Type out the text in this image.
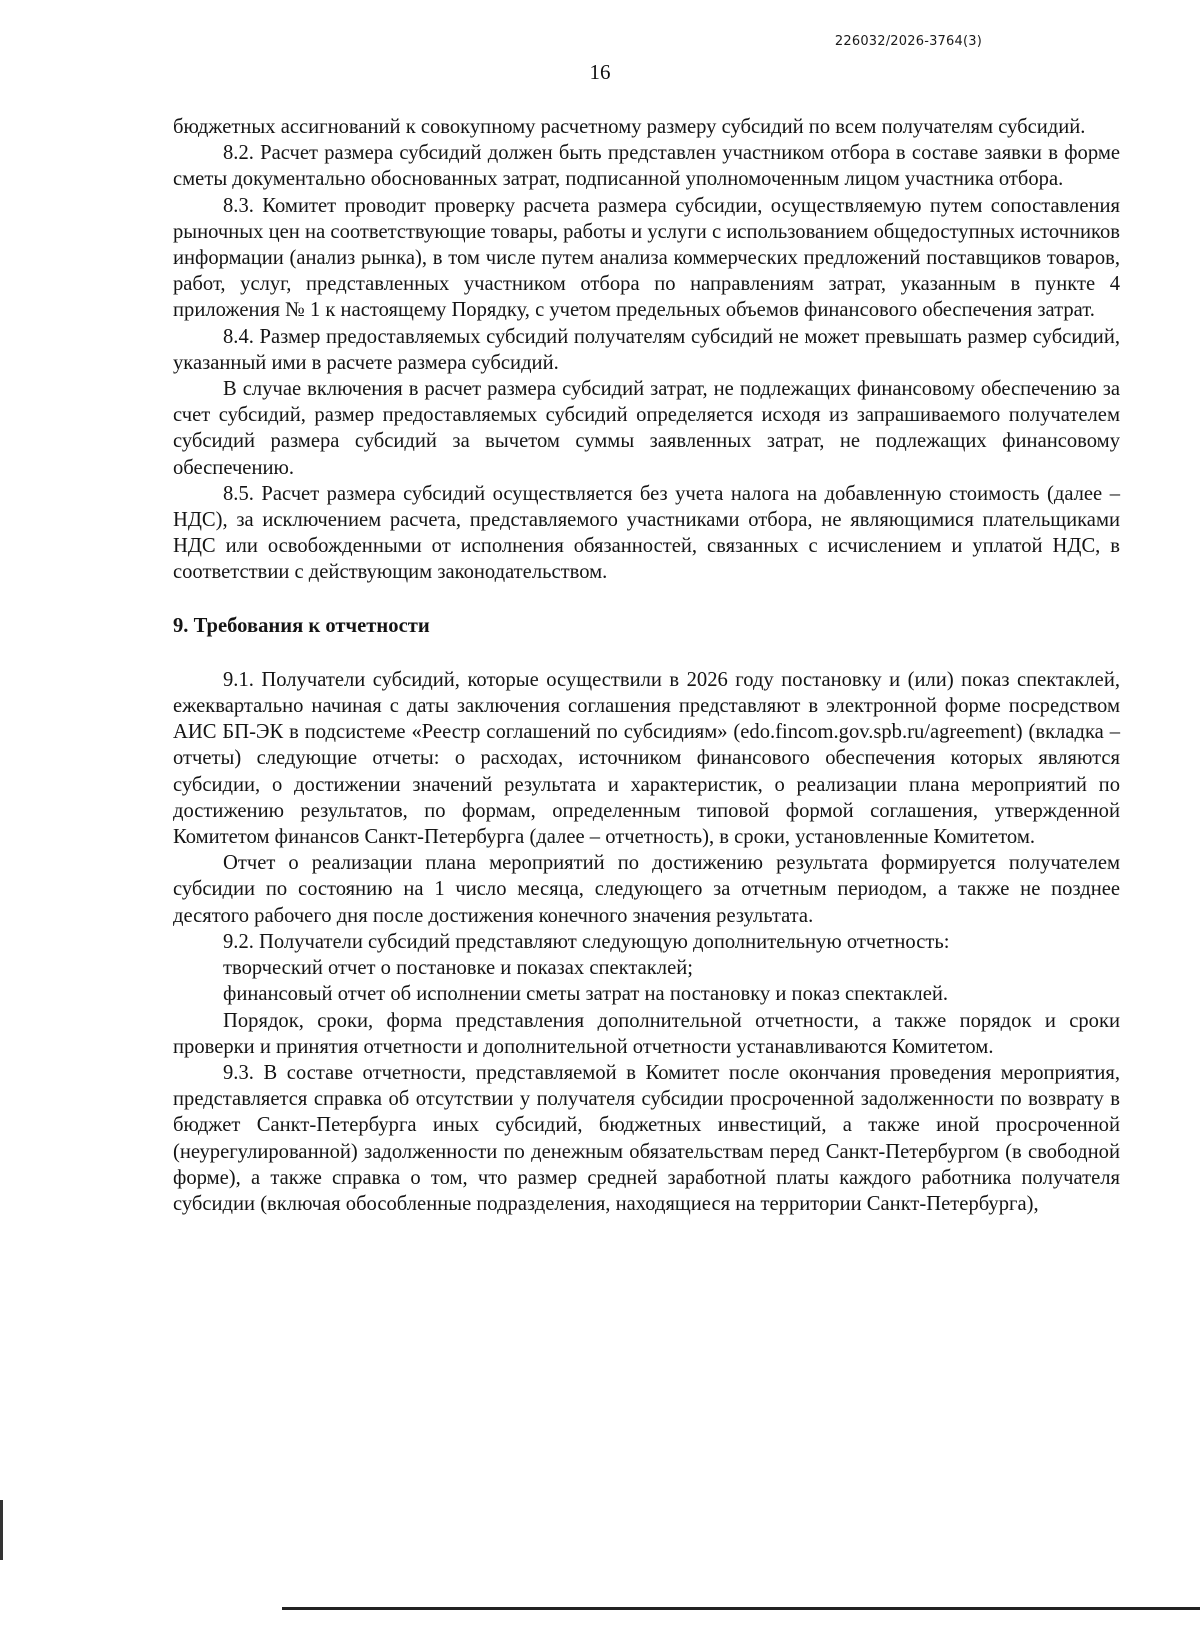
226032/2026-3764(3)
16

бюджетных ассигнований к совокупному расчетному размеру субсидий по всем получателям субсидий.

8.2. Расчет размера субсидий должен быть представлен участником отбора в составе заявки в форме сметы документально обоснованных затрат, подписанной уполномоченным лицом участника отбора.

8.3. Комитет проводит проверку расчета размера субсидии, осуществляемую путем сопоставления рыночных цен на соответствующие товары, работы и услуги с использованием общедоступных источников информации (анализ рынка), в том числе путем анализа коммерческих предложений поставщиков товаров, работ, услуг, представленных участником отбора по направлениям затрат, указанным в пункте 4 приложения № 1 к настоящему Порядку, с учетом предельных объемов финансового обеспечения затрат.

8.4. Размер предоставляемых субсидий получателям субсидий не может превышать размер субсидий, указанный ими в расчете размера субсидий.

В случае включения в расчет размера субсидий затрат, не подлежащих финансовому обеспечению за счет субсидий, размер предоставляемых субсидий определяется исходя из запрашиваемого получателем субсидий размера субсидий за вычетом суммы заявленных затрат, не подлежащих финансовому обеспечению.

8.5. Расчет размера субсидий осуществляется без учета налога на добавленную стоимость (далее – НДС), за исключением расчета, представляемого участниками отбора, не являющимися плательщиками НДС или освобожденными от исполнения обязанностей, связанных с исчислением и уплатой НДС, в соответствии с действующим законодательством.

9. Требования к отчетности

9.1. Получатели субсидий, которые осуществили в 2026 году постановку и (или) показ спектаклей, ежеквартально начиная с даты заключения соглашения представляют в электронной форме посредством АИС БП-ЭК в подсистеме «Реестр соглашений по субсидиям» (edo.fincom.gov.spb.ru/agreement) (вкладка – отчеты) следующие отчеты: о расходах, источником финансового обеспечения которых являются субсидии, о достижении значений результата и характеристик, о реализации плана мероприятий по достижению результатов, по формам, определенным типовой формой соглашения, утвержденной Комитетом финансов Санкт-Петербурга (далее – отчетность), в сроки, установленные Комитетом.

Отчет о реализации плана мероприятий по достижению результата формируется получателем субсидии по состоянию на 1 число месяца, следующего за отчетным периодом, а также не позднее десятого рабочего дня после достижения конечного значения результата.

9.2. Получатели субсидий представляют следующую дополнительную отчетность:

творческий отчет о постановке и показах спектаклей;

финансовый отчет об исполнении сметы затрат на постановку и показ спектаклей.

Порядок, сроки, форма представления дополнительной отчетности, а также порядок и сроки проверки и принятия отчетности и дополнительной отчетности устанавливаются Комитетом.

9.3. В составе отчетности, представляемой в Комитет после окончания проведения мероприятия, представляется справка об отсутствии у получателя субсидии просроченной задолженности по возврату в бюджет Санкт-Петербурга иных субсидий, бюджетных инвестиций, а также иной просроченной (неурегулированной) задолженности по денежным обязательствам перед Санкт-Петербургом (в свободной форме), а также справка о том, что размер средней заработной платы каждого работника получателя субсидии (включая обособленные подразделения, находящиеся на территории Санкт-Петербурга),
